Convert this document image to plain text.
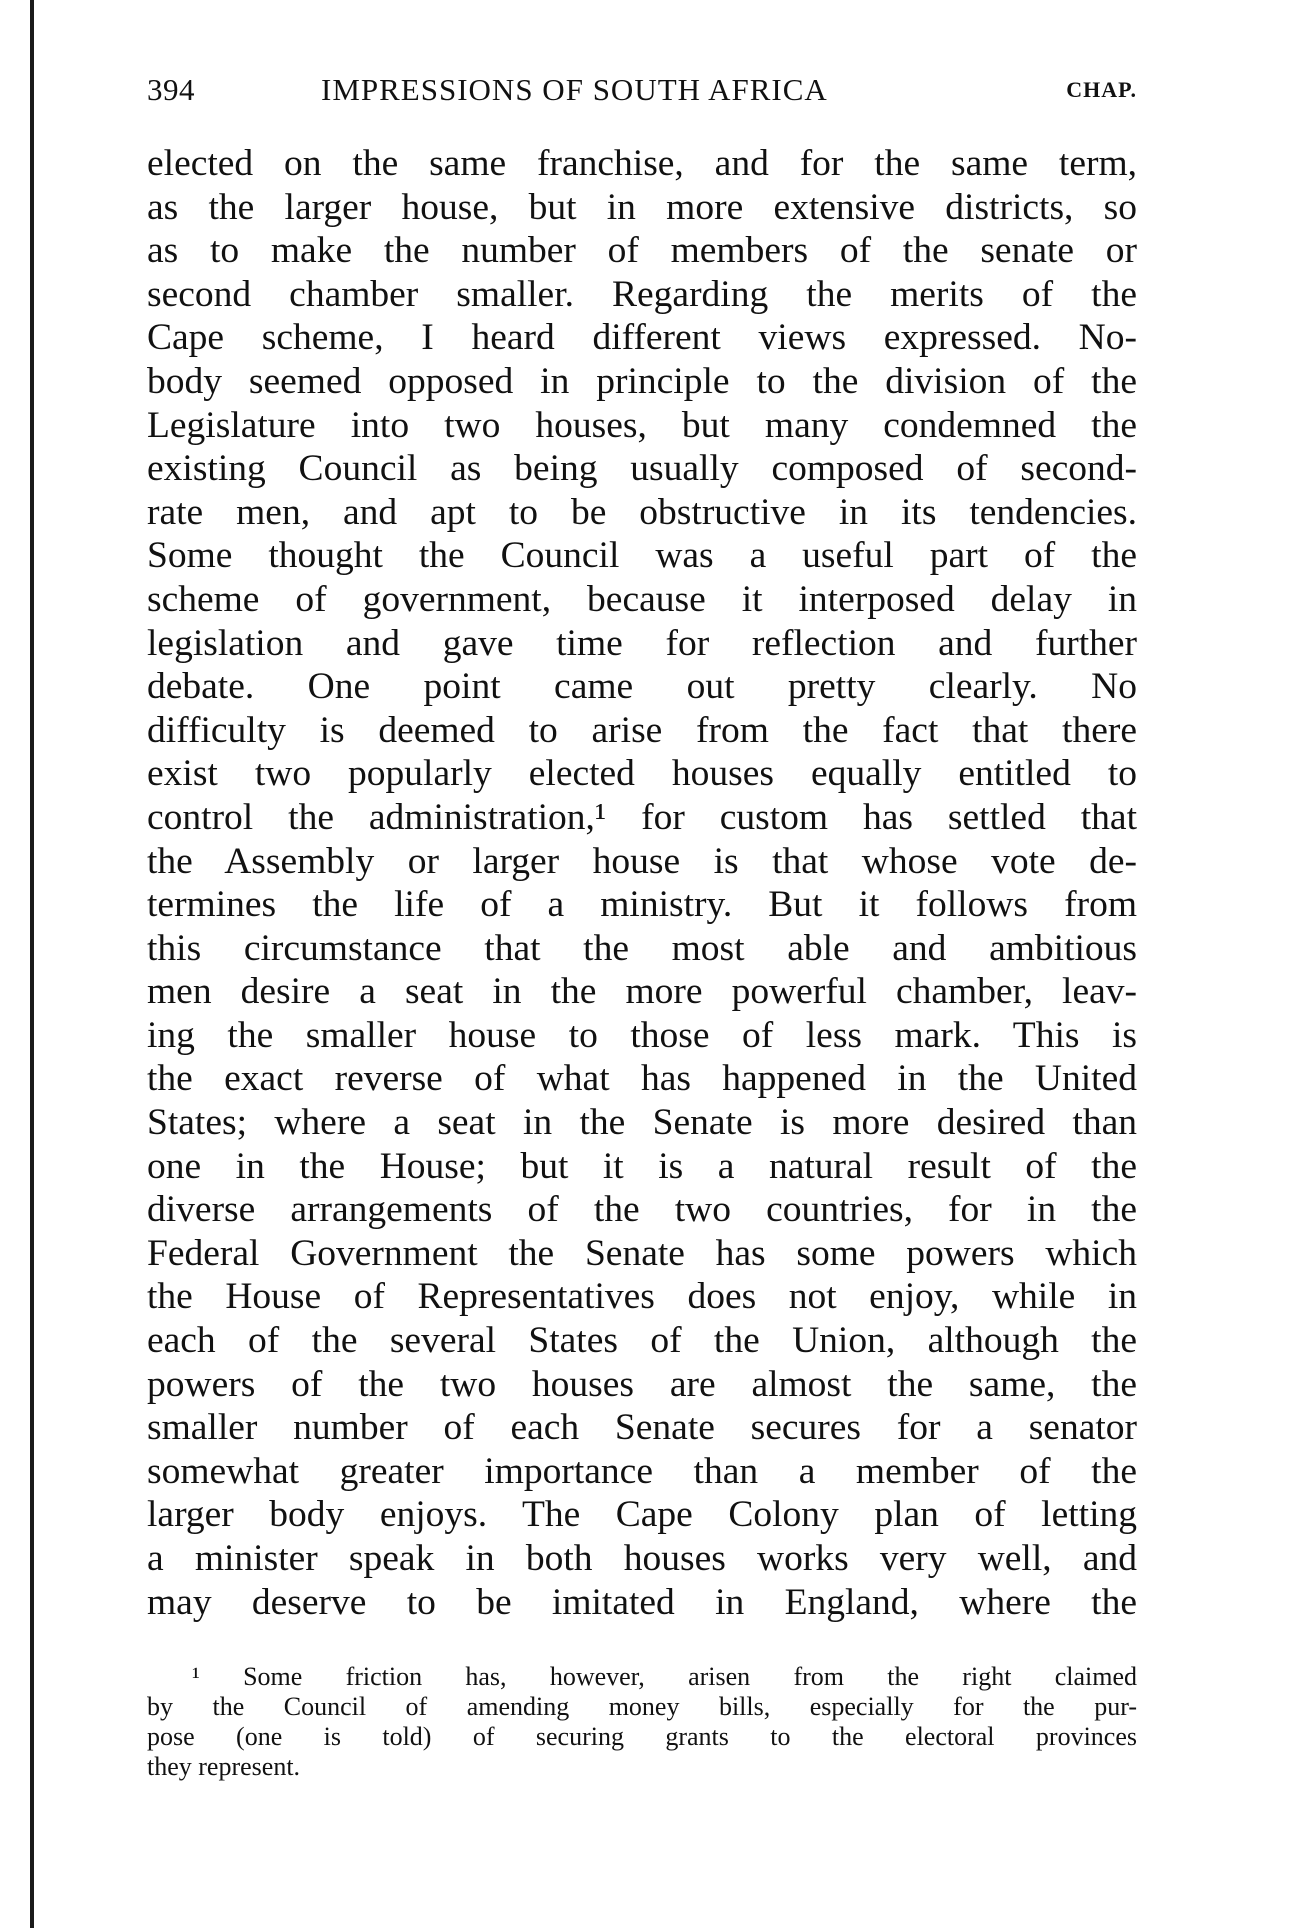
394	IMPRESSIONS OF SOUTH AFRICA	CHAP.
elected on the same franchise, and for the same term,
as the larger house, but in more extensive districts, so
as to make the number of members of the senate or
second chamber smaller. Regarding the merits of the
Cape scheme, I heard different views expressed. No-
body seemed opposed in principle to the division of the
Legislature into two houses, but many condemned the
existing Council as being usually composed of second-
rate men, and apt to be obstructive in its tendencies.
Some thought the Council was a useful part of the
scheme of government, because it interposed delay in
legislation and gave time for reflection and further
debate. One point came out pretty clearly. No
difficulty is deemed to arise from the fact that there
exist two popularly elected houses equally entitled to
control the administration,¹ for custom has settled that
the Assembly or larger house is that whose vote de-
termines the life of a ministry. But it follows from
this circumstance that the most able and ambitious
men desire a seat in the more powerful chamber, leav-
ing the smaller house to those of less mark. This is
the exact reverse of what has happened in the United
States; where a seat in the Senate is more desired than
one in the House; but it is a natural result of the
diverse arrangements of the two countries, for in the
Federal Government the Senate has some powers which
the House of Representatives does not enjoy, while in
each of the several States of the Union, although the
powers of the two houses are almost the same, the
smaller number of each Senate secures for a senator
somewhat greater importance than a member of the
larger body enjoys. The Cape Colony plan of letting
a minister speak in both houses works very well, and
may deserve to be imitated in England, where the
¹ Some friction has, however, arisen from the right claimed
by the Council of amending money bills, especially for the pur-
pose (one is told) of securing grants to the electoral provinces
they represent.
